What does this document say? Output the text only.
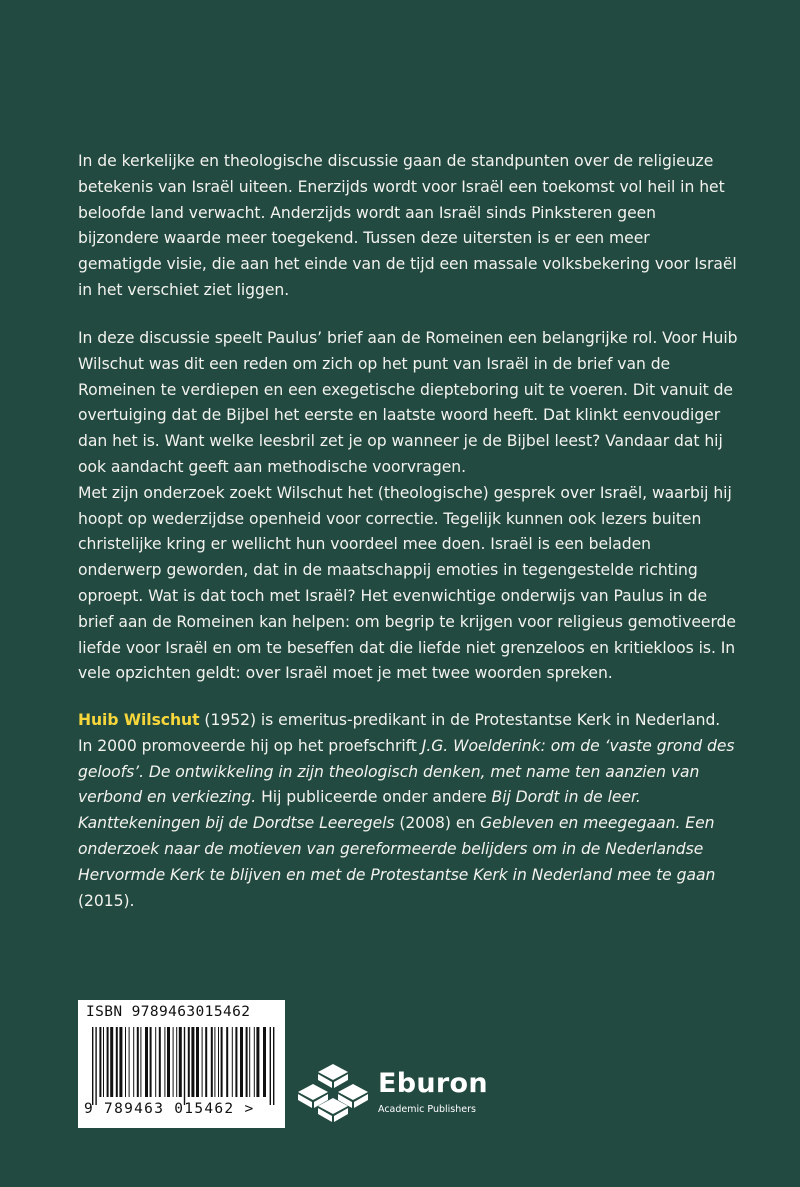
In de kerkelijke en theologische discussie gaan de standpunten over de religieuze betekenis van Israël uiteen. Enerzijds wordt voor Israël een toekomst vol heil in het beloofde land verwacht. Anderzijds wordt aan Israël sinds Pinksteren geen bijzondere waarde meer toegekend. Tussen deze uitersten is er een meer gematigde visie, die aan het einde van de tijd een massale volksbekering voor Israël in het verschiet ziet liggen.

In deze discussie speelt Paulus’ brief aan de Romeinen een belangrijke rol. Voor Huib Wilschut was dit een reden om zich op het punt van Israël in de brief van de Romeinen te verdiepen en een exegetische diepteboring uit te voeren. Dit vanuit de overtuiging dat de Bijbel het eerste en laatste woord heeft. Dat klinkt eenvoudiger dan het is. Want welke leesbril zet je op wanneer je de Bijbel leest? Vandaar dat hij ook aandacht geeft aan methodische voorvragen.

Met zijn onderzoek zoekt Wilschut het (theologische) gesprek over Israël, waarbij hij hoopt op wederzijdse openheid voor correctie. Tegelijk kunnen ook lezers buiten christelijke kring er wellicht hun voordeel mee doen. Israël is een beladen onderwerp geworden, dat in de maatschappij emoties in tegengestelde richting oproept. Wat is dat toch met Israël? Het evenwichtige onderwijs van Paulus in de brief aan de Romeinen kan helpen: om begrip te krijgen voor religieus gemotiveerde liefde voor Israël en om te beseffen dat die liefde niet grenzeloos en kritiekloos is. In vele opzichten geldt: over Israël moet je met twee woorden spreken.

Huib Wilschut (1952) is emeritus-predikant in de Protestantse Kerk in Nederland. In 2000 promoveerde hij op het proefschrift J.G. Woelderink: om de ‘vaste grond des geloofs’. De ontwikkeling in zijn theologisch denken, met name ten aanzien van verbond en verkiezing. Hij publiceerde onder andere Bij Dordt in de leer. Kanttekeningen bij de Dordtse Leeregels (2008) en Gebleven en meegegaan. Een onderzoek naar de motieven van gereformeerde belijders om in de Nederlandse Hervormde Kerk te blijven en met de Protestantse Kerk in Nederland mee te gaan (2015).

ISBN 9789463015462
9 789463 015462 >
Eburon
Academic Publishers
